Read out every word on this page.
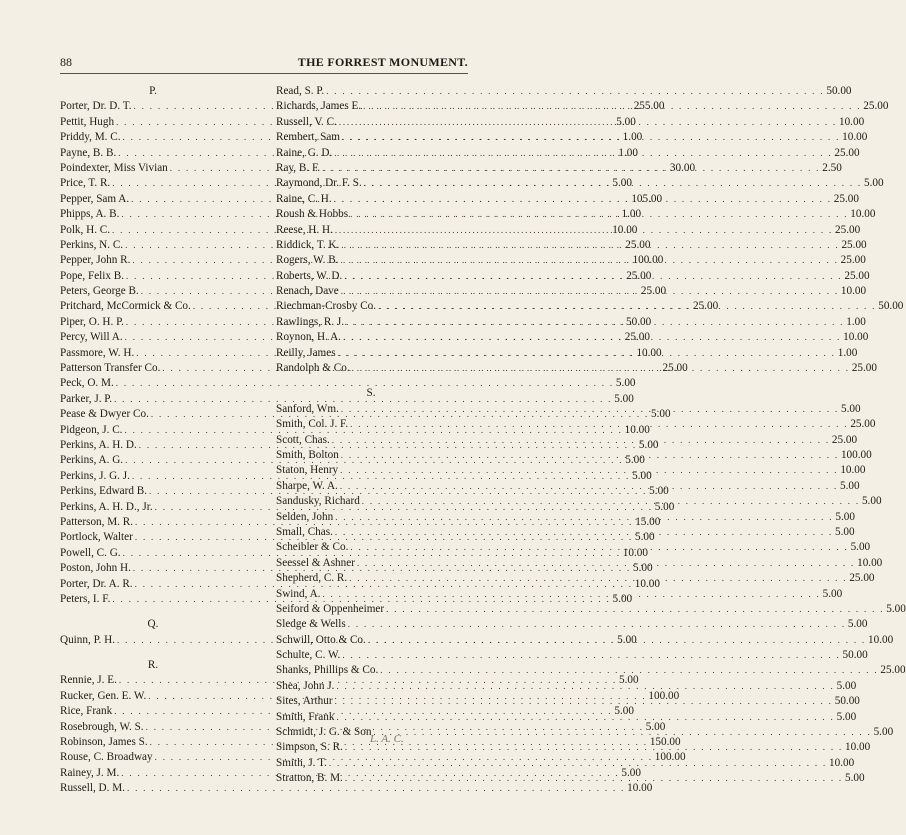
88	THE FORREST MONUMENT.
P.
Porter, Dr. D. T. . . .	255.00
Pettit, Hugh . . .	5.00
Priddy, M. C. . . .	1.00
Payne, B. B. . . .	1.00
Poindexter, Miss Vivian . . .	30.00
Price, T. R. . . .	5.00
Pepper, Sam A. . . .	105.00
Phipps, A. B. . . .	1.00
Polk, H. C. . . .	10.00
Perkins, N. C. . . .	25.00
Pepper, John R. . . .	100.00
Pope, Felix B. . . .	25.00
Peters, George B. . . .	25.00
Pritchard, McCormick & Co. . . .	25.00
Piper, O. H. P. . . .	50.00
Percy, Will A. . . .	25.00
Passmore, W. H. . . .	10.00
Patterson Transfer Co. . . .	25.00
Peck, O. M. . . .	5.00
Parker, J. P. . . .	5.00
Pease & Dwyer Co. . . .	5.00
Pidgeon, J. C. . . .	10.00
Perkins, A. H. D. . . .	5.00
Perkins, A. G. . . .	5.00
Perkins, J. G. J. . . .	5.00
Perkins, Edward B. . . .	5.00
Perkins, A. H. D., Jr. . . .	5.00
Patterson, M. R. . . .	15.00
Portlock, Walter . . .	5.00
Powell, C. G. . . .	10.00
Poston, John H. . . .	5.00
Porter, Dr. A. R. . . .	10.00
Peters, I. F. . . .	5.00
Q.
Quinn, P. H. . . .	5.00
R.
Rennie, J. E. . . .	5.00
Rucker, Gen. E. W. . . .	100.00
Rice, Frank . . .	5.00
Rosebrough, W. S. . . .	5.00
Robinson, James S. . . .	150.00
Rouse, C. Broadway . . .	100.00
Rainey, J. M. . . .	5.00
Russell, D. M. . . .	10.00
Read, S. P. . . .	50.00
Richards, James E. . . .	25.00
Russell, V. C. . . .	10.00
Rembert, Sam . . .	10.00
Raine, G. D. . . .	25.00
Ray, B. F. . . .	2.50
Raymond, Dr. F. S. . . .	5.00
Raine, C. H. . . .	25.00
Roush & Hobbs . . .	10.00
Reese, H. H. . . .	25.00
Riddick, T. K. . . .	25.00
Rogers, W. B. . . .	25.00
Roberts, W. D. . . .	25.00
Renach, Dave . . .	10.00
Riechman-Crosby Co. . . .	50.00
Rawlings, R. J. . . .	1.00
Roynon, H. A. . . .	10.00
Reilly, James . . .	1.00
Randolph & Co. . . .	25.00
S.
Sanford, Wm. . . .	5.00
Smith, Col. J. F. . . .	25.00
Scott, Chas. . . .	25.00
Smith, Bolton . . .	100.00
Staton, Henry . . .	10.00
Sharpe, W. A. . . .	5.00
Sandusky, Richard . . .	5.00
Selden, John . . .	5.00
Small, Chas. . . .	5.00
Scheibler & Co. . . .	5.00
Seessel & Ashner . . .	10.00
Shepherd, C. R. . . .	25.00
Swind, A. . . .	5.00
Seiford & Oppenheimer . . .	5.00
Sledge & Wells . . .	5.00
Schwill, Otto & Co. . . .	10.00
Schulte, C. W. . . .	50.00
Shanks, Phillips & Co. . . .	25.00
Shea, John J. . . .	5.00
Sites, Arthur . . .	50.00
Smith, Frank . . .	5.00
Schmidt, J. G. & Son . . .	5.00
Simpson, S. R. . . .	10.00
Smith, J. T. . . .	10.00
Stratton, B. M. . . .	5.00
L. A. C.
